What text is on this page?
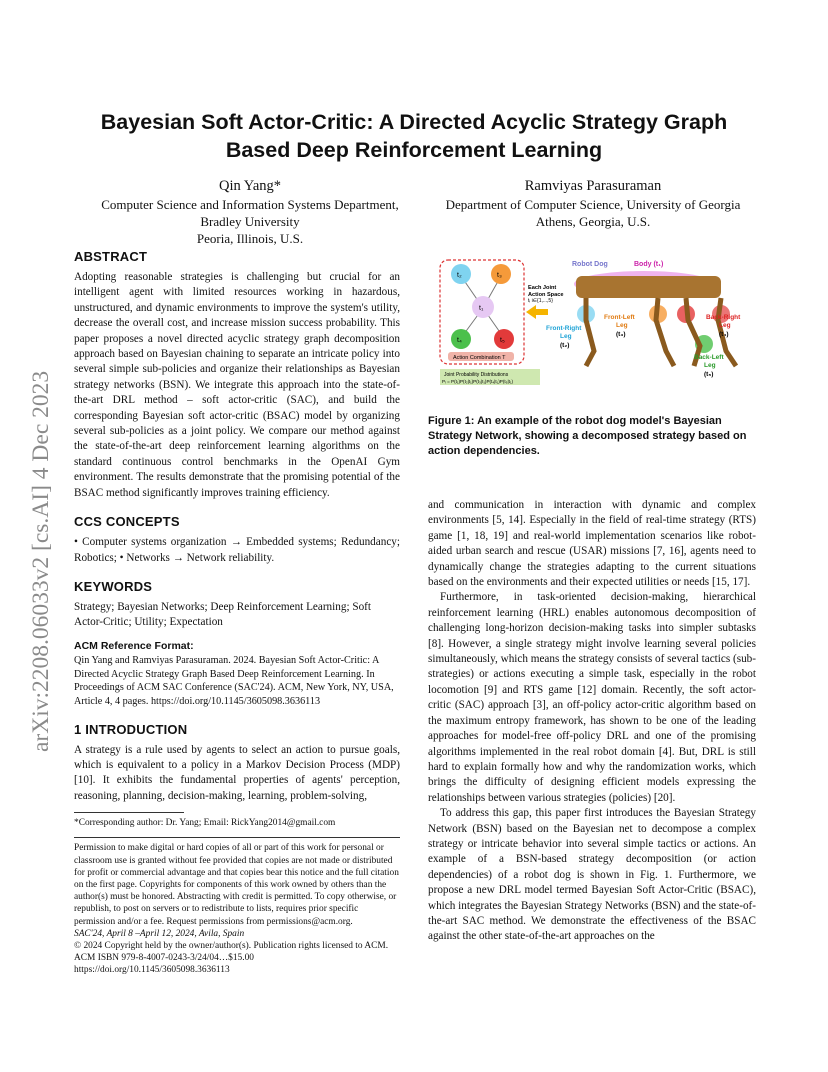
arXiv:2208.06033v2 [cs.AI] 4 Dec 2023
Bayesian Soft Actor-Critic: A Directed Acyclic Strategy Graph Based Deep Reinforcement Learning
Qin Yang*
Computer Science and Information Systems Department,
Bradley University
Peoria, Illinois, U.S.
Ramviyas Parasuraman
Department of Computer Science, University of Georgia
Athens, Georgia, U.S.
ABSTRACT

Adopting reasonable strategies is challenging but crucial for an intelligent agent with limited resources working in hazardous, unstructured, and dynamic environments to improve the system's utility, decrease the overall cost, and increase mission success probability. This paper proposes a novel directed acyclic strategy graph decomposition approach based on Bayesian chaining to separate an intricate policy into several simple sub-policies and organize their relationships as Bayesian strategy networks (BSN). We integrate this approach into the state-of-the-art DRL method – soft actor-critic (SAC), and build the corresponding Bayesian soft actor-critic (BSAC) model by organizing several sub-policies as a joint policy. We compare our method against the state-of-the-art deep reinforcement learning algorithms on the standard continuous control benchmarks in the OpenAI Gym environment. The results demonstrate that the promising potential of the BSAC method significantly improves training efficiency.

CCS CONCEPTS

• Computer systems organization → Embedded systems; Redundancy; Robotics; • Networks → Network reliability.

KEYWORDS

Strategy; Bayesian Networks; Deep Reinforcement Learning; Soft Actor-Critic; Utility; Expectation

ACM Reference Format:

Qin Yang and Ramviyas Parasuraman. 2024. Bayesian Soft Actor-Critic: A Directed Acyclic Strategy Graph Based Deep Reinforcement Learning. In Proceedings of ACM SAC Conference (SAC'24). ACM, New York, NY, USA, Article 4, 4 pages. https://doi.org/10.1145/3605098.3636113

1 INTRODUCTION

A strategy is a rule used by agents to select an action to pursue goals, which is equivalent to a policy in a Markov Decision Process (MDP) [10]. It exhibits the fundamental properties of agents' perception, reasoning, planning, decision-making, learning, problem-solving,

*Corresponding author: Dr. Yang; Email: RickYang2014@gmail.com

Permission to make digital or hard copies of all or part of this work for personal or classroom use is granted without fee provided that copies are not made or distributed for profit or commercial advantage and that copies bear this notice and the full citation on the first page. Copyrights for components of this work owned by others than the author(s) must be honored. Abstracting with credit is permitted. To copy otherwise, or republish, to post on servers or to redistribute to lists, requires prior specific permission and/or a fee. Request permissions from permissions@acm.org.

SAC'24, April 8 –April 12, 2024, Avila, Spain

© 2024 Copyright held by the owner/author(s). Publication rights licensed to ACM.

ACM ISBN 979-8-4007-0243-3/24/04…$15.00

https://doi.org/10.1145/3605098.3636113

t₂	t₃
t₁
t₄	t₅
Action Combination T
Joint Probability Distributions
Pᵢ = P(t₁)P(t₂|t₁)P(t₃|t₁)P(t₄|t₁)P(t₅|t₁)
Each Joint
Action Space
tᵢ i∈{1,...,5}
Robot Dog	Body (t₁)
Front-Right
Leg
(t₂)
Front-Left
Leg
(t₃)
Back-Right
Leg
(t₄)
Back-Left
Leg
(t₅)
Figure 1: An example of the robot dog model's Bayesian Strategy Network, showing a decomposed strategy based on action dependencies.

and communication in interaction with dynamic and complex environments [5, 14]. Especially in the field of real-time strategy (RTS) game [1, 18, 19] and real-world implementation scenarios like robot-aided urban search and rescue (USAR) missions [7, 16], agents need to dynamically change the strategies adapting to the current situations based on the environments and their expected utilities or needs [15, 17].

Furthermore, in task-oriented decision-making, hierarchical reinforcement learning (HRL) enables autonomous decomposition of challenging long-horizon decision-making tasks into simpler subtasks [8]. However, a single strategy might involve learning several policies simultaneously, which means the strategy consists of several tactics (sub-strategies) or actions executing a simple task, especially in the robot locomotion [9] and RTS game [12] domain. Recently, the soft actor-critic (SAC) approach [3], an off-policy actor-critic algorithm based on the maximum entropy framework, has shown to be one of the leading approaches for model-free off-policy DRL and one of the promising algorithms implemented in the real robot domain [4]. But, DRL is still hard to explain formally how and why the randomization works, which brings the difficulty of designing efficient models expressing the relationships between various strategies (policies) [20].

To address this gap, this paper first introduces the Bayesian Strategy Network (BSN) based on the Bayesian net to decompose a complex strategy or intricate behavior into several simple tactics or actions. An example of a BSN-based strategy decomposition (or action dependencies) of a robot dog is shown in Fig. 1. Furthermore, we propose a new DRL model termed Bayesian Soft Actor-Critic (BSAC), which integrates the Bayesian Strategy Networks (BSN) and the state-of-the-art SAC method. We demonstrate the effectiveness of the BSAC against the other state-of-the-art approaches on the
